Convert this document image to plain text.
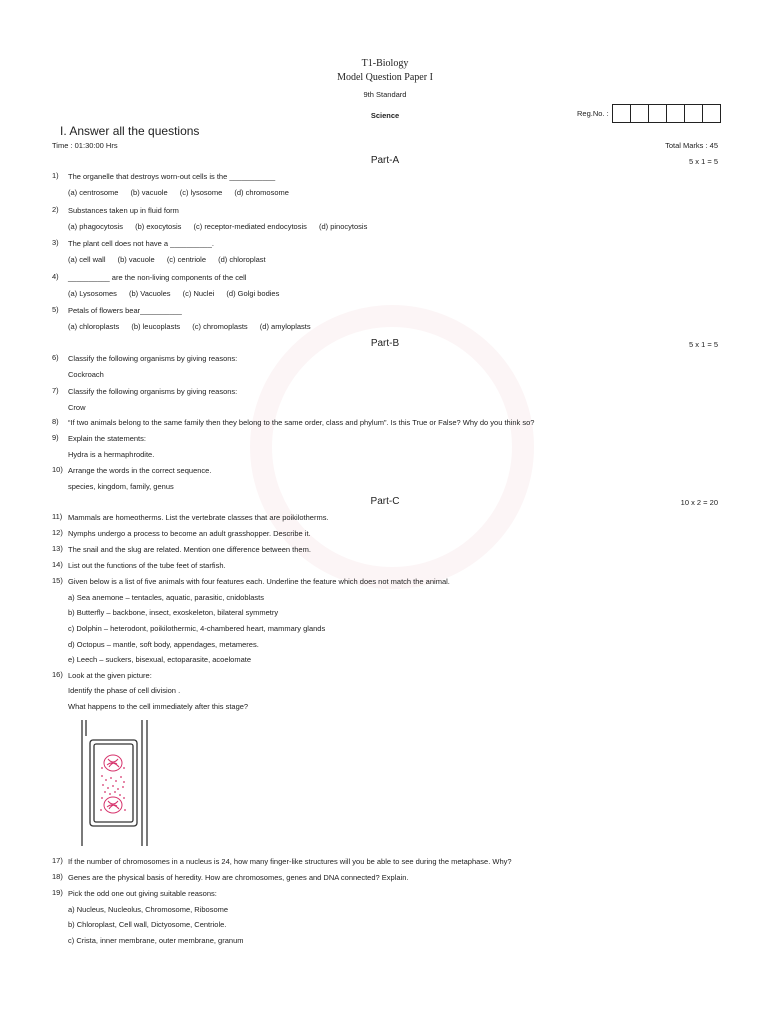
T1-Biology
Model Question Paper I
9th Standard
Science	Reg.No. :
I. Answer all the questions
Time : 01:30:00 Hrs	Total Marks : 45
Part-A	5 x 1 = 5
1)	The organelle that destroys worn-out cells is the ___________
(a) centrosome (b) vacuole (c) lysosome (d) chromosome
2)	Substances taken up in fluid form
(a) phagocytosis (b) exocytosis (c) receptor-mediated endocytosis (d) pinocytosis
3)	The plant cell does not have a __________.
(a) cell wall (b) vacuole (c) centriole (d) chloroplast
4)	__________ are the non-living components of the cell
(a) Lysosomes (b) Vacuoles (c) Nuclei (d) Golgi bodies
5)	Petals of flowers bear__________
(a) chloroplasts (b) leucoplasts (c) chromoplasts (d) amyloplasts
Part-B	5 x 1 = 5
6)	Classify the following organisms by giving reasons:
Cockroach
7)	Classify the following organisms by giving reasons:
Crow
8)	“If two animals belong to the same family then they belong to the same order, class and phylum”. Is this True or False? Why do you think so?
9)	Explain the statements:
Hydra is a hermaphrodite.
10) Arrange the words in the correct sequence.
species, kingdom, family, genus
Part-C	10 x 2 = 20
11) Mammals are homeotherms. List the vertebrate classes that are poikilotherms.
12) Nymphs undergo a process to become an adult grasshopper. Describe it.
13) The snail and the slug are related. Mention one difference between them.
14) List out the functions of the tube feet of starfish.
15) Given below is a list of five animals with four features each. Underline the feature which does not match the animal.
a) Sea anemone – tentacles, aquatic, parasitic, cnidoblasts
b) Butterfly – backbone, insect, exoskeleton, bilateral symmetry
c) Dolphin – heterodont, poikilothermic, 4-chambered heart, mammary glands
d) Octopus – mantle, soft body, appendages, metameres.
e) Leech – suckers, bisexual, ectoparasite, acoelomate
16) Look at the given picture:
Identify the phase of cell division .
What happens to the cell immediately after this stage?
17) If the number of chromosomes in a nucleus is 24, how many finger-like structures will you be able to see during the metaphase. Why?
18) Genes are the physical basis of heredity. How are chromosomes, genes and DNA connected? Explain.
19) Pick the odd one out giving suitable reasons:
a) Nucleus, Nucleolus, Chromosome, Ribosome
b) Chloroplast, Cell wall, Dictyosome, Centriole.
c) Crista, inner membrane, outer membrane, granum
